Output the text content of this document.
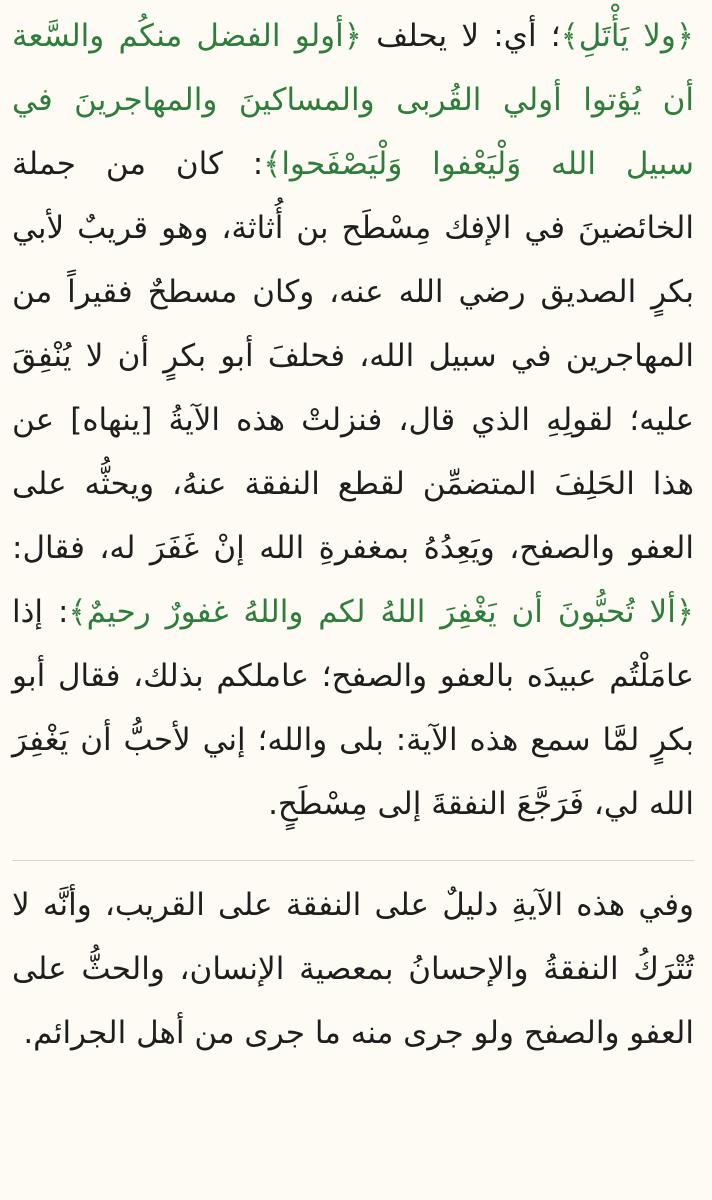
﴿ولا يَأْتَلِ﴾؛ أي: لا يحلف ﴿أولو الفضل منكُم والسَّعة أن يُؤتوا أولي القُربى والمساكينَ والمهاجرينَ في سبيل الله وَلْيَعْفوا وَلْيَصْفَحوا﴾: كان من جملة الخائضينَ في الإفك مِسْطَح بن أُثاثة، وهو قريبٌ لأبي بكرٍ الصديق رضي الله عنه، وكان مسطحٌ فقيراً من المهاجرين في سبيل الله، فحلفَ أبو بكرٍ أن لا يُنْفِقَ عليه؛ لقولِهِ الذي قال، فنزلتْ هذه الآيةُ [ينهاه] عن هذا الحَلِفَ المتضمِّن لقطع النفقة عنهُ، ويحثُّه على العفو والصفح، ويَعِدُهُ بمغفرةِ الله إنْ غَفَرَ له، فقال: ﴿ألا تُحبُّونَ أن يَغْفِرَ اللهُ لكم واللهُ غفورٌ رحيمٌ﴾: إذا عامَلْتُم عبيدَه بالعفو والصفح؛ عاملكم بذلك، فقال أبو بكرٍ لمَّا سمع هذه الآية: بلى والله؛ إني لأحبُّ أن يَغْفِرَ الله لي، فَرَجَّعَ النفقةَ إلى مِسْطَحٍ.

وفي هذه الآيةِ دليلٌ على النفقة على القريب، وأنَّه لا تُتْرَكُ النفقةُ والإحسانُ بمعصية الإنسان، والحثُّ على العفو والصفح ولو جرى منه ما جرى من أهل الجرائم.
